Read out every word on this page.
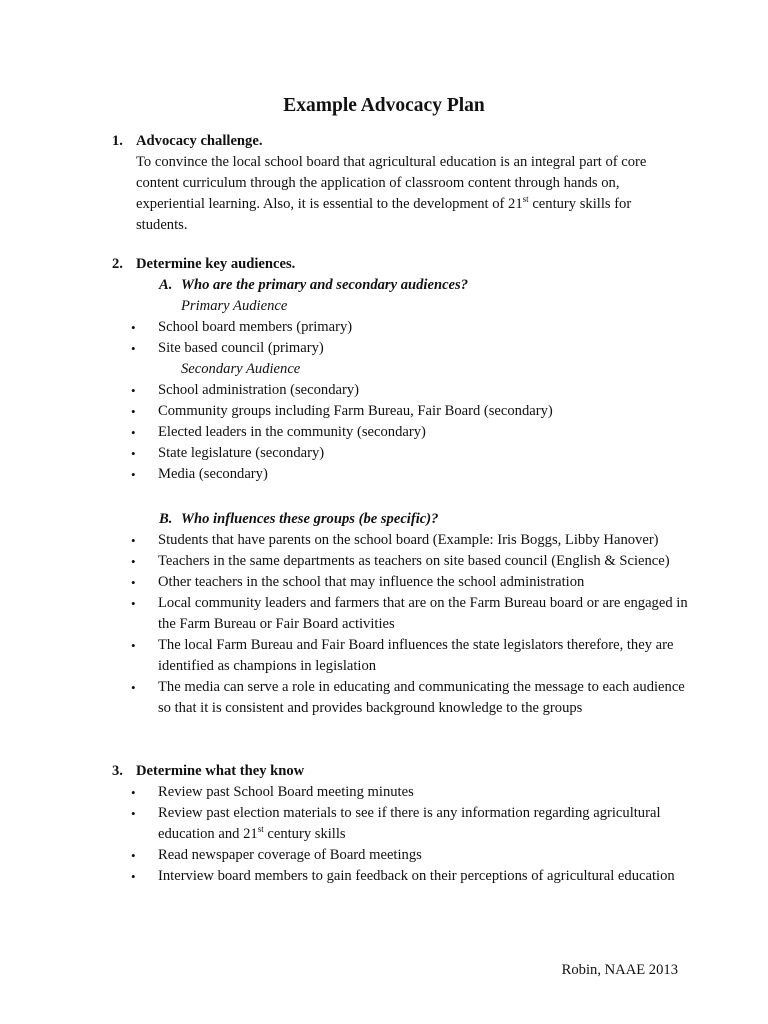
Example Advocacy Plan
1. Advocacy challenge.
To convince the local school board that agricultural education is an integral part of core content curriculum through the application of classroom content through hands on, experiential learning. Also, it is essential to the development of 21st century skills for students.
2. Determine key audiences.
A. Who are the primary and secondary audiences?
Primary Audience
• School board members (primary)
• Site based council (primary)
Secondary Audience
• School administration (secondary)
• Community groups including Farm Bureau, Fair Board (secondary)
• Elected leaders in the community (secondary)
• State legislature (secondary)
• Media (secondary)
B. Who influences these groups (be specific)?
• Students that have parents on the school board (Example: Iris Boggs, Libby Hanover)
• Teachers in the same departments as teachers on site based council (English & Science)
• Other teachers in the school that may influence the school administration
• Local community leaders and farmers that are on the Farm Bureau board or are engaged in the Farm Bureau or Fair Board activities
• The local Farm Bureau and Fair Board influences the state legislators therefore, they are identified as champions in legislation
• The media can serve a role in educating and communicating the message to each audience so that it is consistent and provides background knowledge to the groups
3. Determine what they know
• Review past School Board meeting minutes
• Review past election materials to see if there is any information regarding agricultural education and 21st century skills
• Read newspaper coverage of Board meetings
• Interview board members to gain feedback on their perceptions of agricultural education
Robin, NAAE 2013
